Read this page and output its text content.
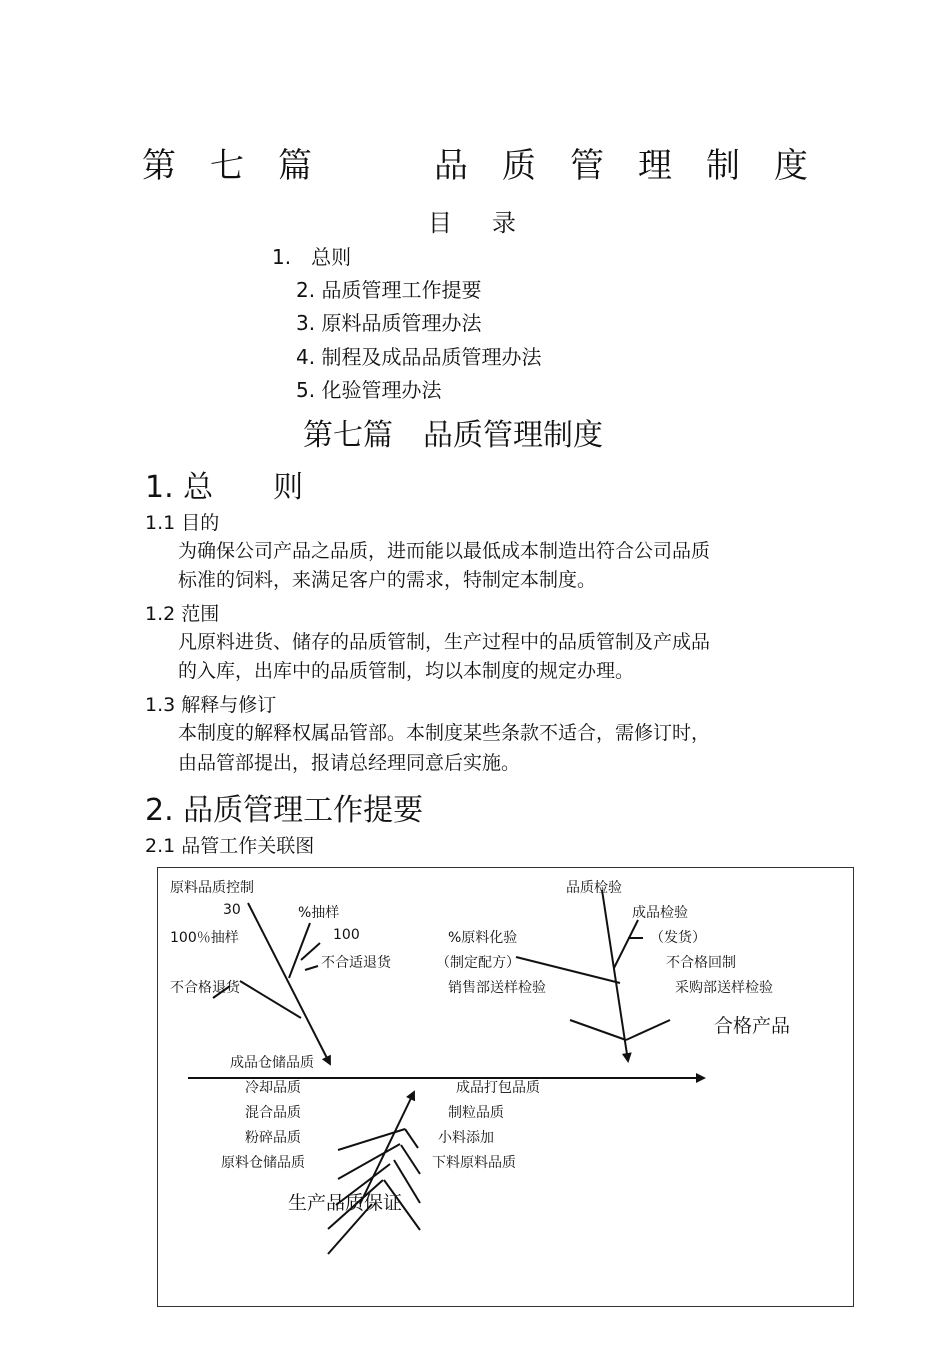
第 七 篇	品 质 管 理 制 度
目录
1.　总则
2. 品质管理工作提要
3. 原料品质管理办法
4. 制程及成品品质管理办法
5. 化验管理办法
第七篇　品质管理制度
1. 总　　则
1.1 目的
为确保公司产品之品质，进而能以最低成本制造出符合公司品质
标准的饲料，来满足客户的需求，特制定本制度。
1.2 范围
凡原料进货、储存的品质管制，生产过程中的品质管制及产成品
的入库，出库中的品质管制，均以本制度的规定办理。
1.3 解释与修订
本制度的解释权属品管部。本制度某些条款不适合，需修订时，
由品管部提出，报请总经理同意后实施。
2. 品质管理工作提要
2.1 品管工作关联图
原料品质控制
30	%抽样
100％抽样	100
不合适退货
不合格退货
品质检验
成品检验
%原料化验	（发货）
（制定配方）	不合格回制
销售部送样检验	采购部送样检验
合格产品
成品仓储品质
冷却品质	成品打包品质
混合品质	制粒品质
粉碎品质	小料添加
原料仓储品质	下料原料品质
生产品质保证
